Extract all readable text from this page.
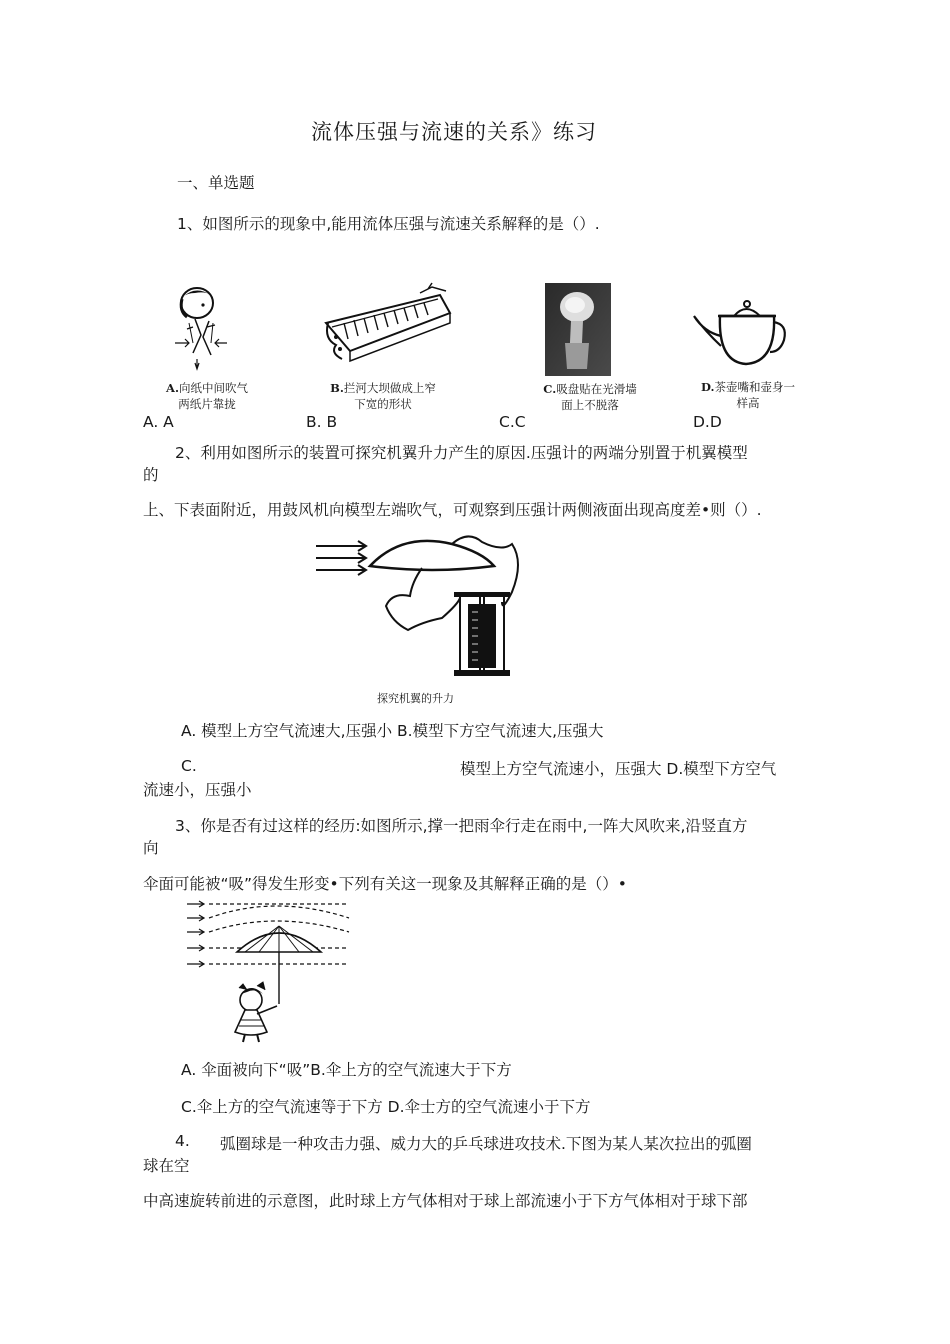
流体压强与流速的关系》练习
一、单选题
1、如图所示的现象中,能用流体压强与流速关系解释的是（）.
A.向纸中间吹气
两纸片靠拢
B.拦河大坝做成上窄
下宽的形状
C.吸盘贴在光滑墙
面上不脱落
D.茶壶嘴和壶身一
样高
A. A	B. B	C.C	D.D
2、利用如图所示的装置可探究机翼升力产生的原因.压强计的两端分别置于机翼模型
的
上、下表面附近，用鼓风机向模型左端吹气，可观察到压强计两侧液面出现高度差•则（）.
探究机翼的升力
A. 模型上方空气流速大,压强小 B.模型下方空气流速大,压强大
C.	模型上方空气流速小，压强大 D.模型下方空气
流速小，压强小
3、你是否有过这样的经历:如图所示,撑一把雨伞行走在雨中,一阵大风吹来,沿竖直方
向
伞面可能被“吸”得发生形变•下列有关这一现象及其解释正确的是（）•
A. 伞面被向下“吸”B.伞上方的空气流速大于下方
C.伞上方的空气流速等于下方 D.伞士方的空气流速小于下方
4. 弧圈球是一种攻击力强、威力大的乒乓球进攻技术.下图为某人某次拉出的弧圈
球在空
中高速旋转前进的示意图，此时球上方气体相对于球上部流速小于下方气体相对于球下部
